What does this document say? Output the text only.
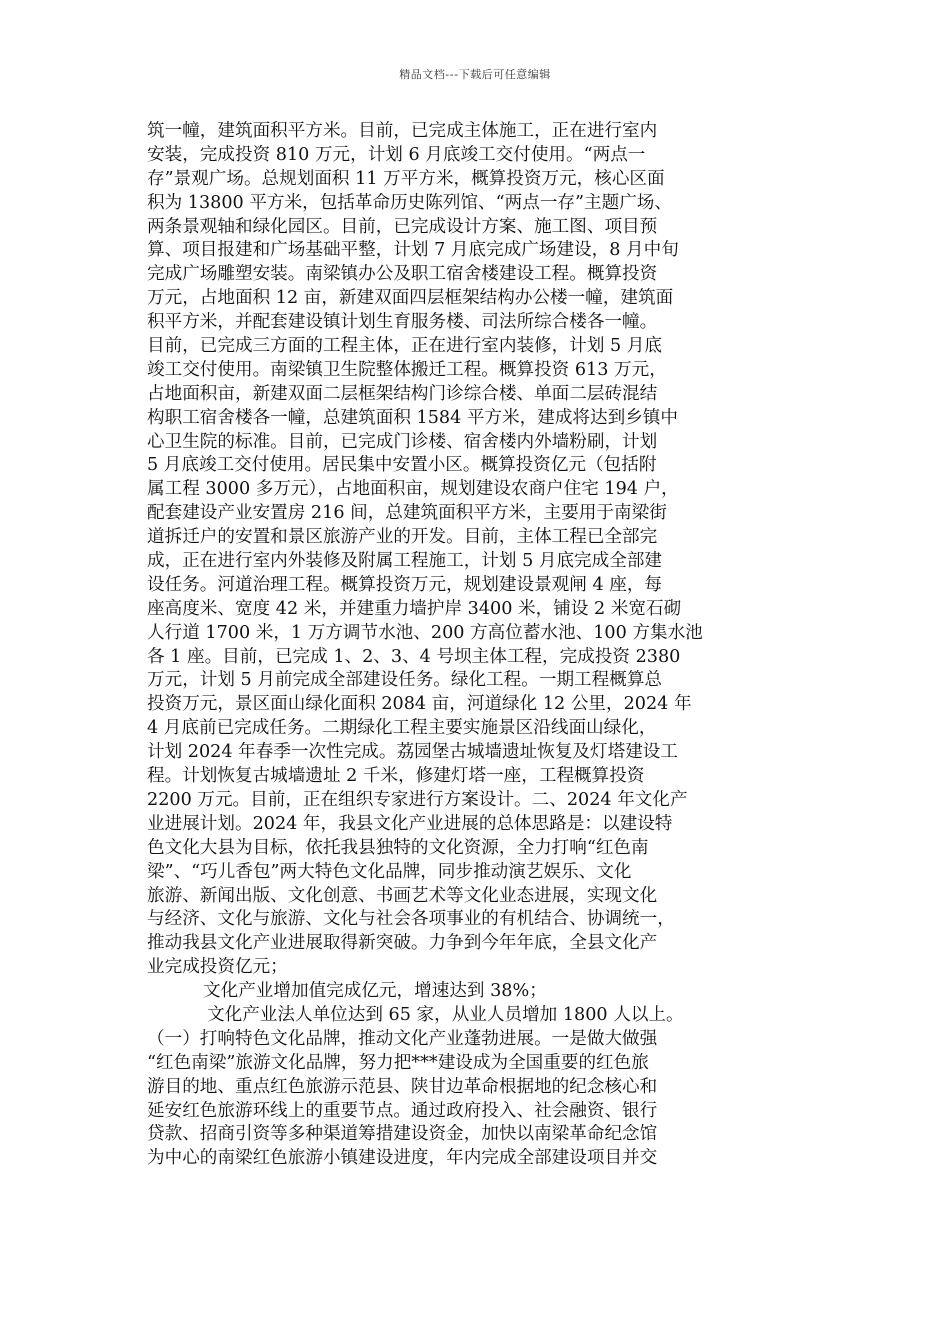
精品文档---下载后可任意编辑
筑一幢，建筑面积平方米。目前，已完成主体施工，正在进行室内
安装，完成投资 810 万元，计划 6 月底竣工交付使用。“两点一
存”景观广场。总规划面积 11 万平方米，概算投资万元，核心区面
积为 13800 平方米，包括革命历史陈列馆、“两点一存”主题广场、
两条景观轴和绿化园区。目前，已完成设计方案、施工图、项目预
算、项目报建和广场基础平整，计划 7 月底完成广场建设，8 月中旬
完成广场雕塑安装。南梁镇办公及职工宿舍楼建设工程。概算投资
万元，占地面积 12 亩，新建双面四层框架结构办公楼一幢，建筑面
积平方米，并配套建设镇计划生育服务楼、司法所综合楼各一幢。
目前，已完成三方面的工程主体，正在进行室内装修，计划 5 月底
竣工交付使用。南梁镇卫生院整体搬迁工程。概算投资 613 万元，
占地面积亩，新建双面二层框架结构门诊综合楼、单面二层砖混结
构职工宿舍楼各一幢，总建筑面积 1584 平方米，建成将达到乡镇中
心卫生院的标准。目前，已完成门诊楼、宿舍楼内外墙粉刷，计划
5 月底竣工交付使用。居民集中安置小区。概算投资亿元（包括附
属工程 3000 多万元），占地面积亩，规划建设农商户住宅 194 户，
配套建设产业安置房 216 间，总建筑面积平方米，主要用于南梁街
道拆迁户的安置和景区旅游产业的开发。目前，主体工程已全部完
成，正在进行室内外装修及附属工程施工，计划 5 月底完成全部建
设任务。河道治理工程。概算投资万元，规划建设景观闸 4 座，每
座高度米、宽度 42 米，并建重力墙护岸 3400 米，铺设 2 米宽石砌
人行道 1700 米，1 万方调节水池、200 方高位蓄水池、100 方集水池
各 1 座。目前，已完成 1、2、3、4 号坝主体工程，完成投资 2380
万元，计划 5 月前完成全部建设任务。绿化工程。一期工程概算总
投资万元，景区面山绿化面积 2084 亩，河道绿化 12 公里，2024 年
4 月底前已完成任务。二期绿化工程主要实施景区沿线面山绿化，
计划 2024 年春季一次性完成。荔园堡古城墙遗址恢复及灯塔建设工
程。计划恢复古城墙遗址 2 千米，修建灯塔一座，工程概算投资
2200 万元。目前，正在组织专家进行方案设计。二、2024 年文化产
业进展计划。2024 年，我县文化产业进展的总体思路是：以建设特
色文化大县为目标，依托我县独特的文化资源，全力打响“红色南
梁”、“巧儿香包”两大特色文化品牌，同步推动演艺娱乐、文化
旅游、新闻出版、文化创意、书画艺术等文化业态进展，实现文化
与经济、文化与旅游、文化与社会各项事业的有机结合、协调统一，
推动我县文化产业进展取得新突破。力争到今年年底，全县文化产
业完成投资亿元；
文化产业增加值完成亿元，增速达到 38%；
文化产业法人单位达到 65 家，从业人员增加 1800 人以上。
（一）打响特色文化品牌，推动文化产业蓬勃进展。一是做大做强
“红色南梁”旅游文化品牌，努力把***建设成为全国重要的红色旅
游目的地、重点红色旅游示范县、陕甘边革命根据地的纪念核心和
延安红色旅游环线上的重要节点。通过政府投入、社会融资、银行
贷款、招商引资等多种渠道筹措建设资金，加快以南梁革命纪念馆
为中心的南梁红色旅游小镇建设进度，年内完成全部建设项目并交
